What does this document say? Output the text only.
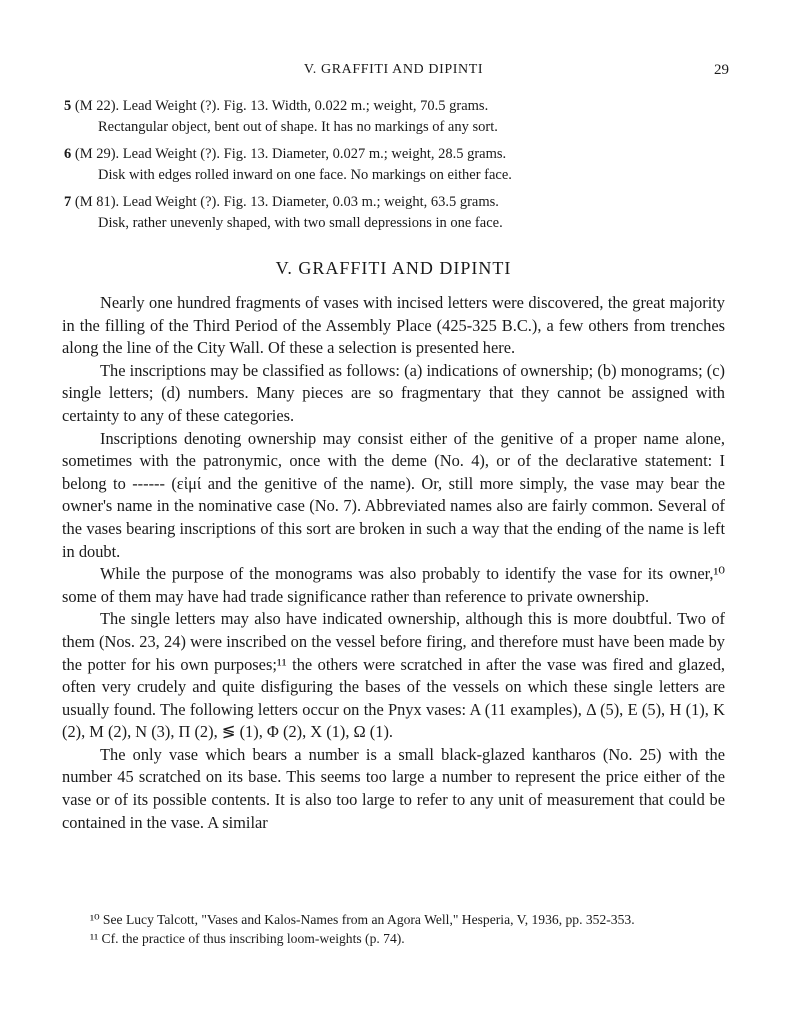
V. GRAFFITI AND DIPINTI	29
5 (M 22). Lead Weight (?). Fig. 13. Width, 0.022 m.; weight, 70.5 grams.
Rectangular object, bent out of shape. It has no markings of any sort.
6 (M 29). Lead Weight (?). Fig. 13. Diameter, 0.027 m.; weight, 28.5 grams.
Disk with edges rolled inward on one face. No markings on either face.
7 (M 81). Lead Weight (?). Fig. 13. Diameter, 0.03 m.; weight, 63.5 grams.
Disk, rather unevenly shaped, with two small depressions in one face.
V. GRAFFITI AND DIPINTI

Nearly one hundred fragments of vases with incised letters were discovered, the great majority in the filling of the Third Period of the Assembly Place (425-325 B.C.), a few others from trenches along the line of the City Wall. Of these a selection is presented here.

The inscriptions may be classified as follows: (a) indications of ownership; (b) monograms; (c) single letters; (d) numbers. Many pieces are so fragmentary that they cannot be assigned with certainty to any of these categories.

Inscriptions denoting ownership may consist either of the genitive of a proper name alone, sometimes with the patronymic, once with the deme (No. 4), or of the declarative statement: I belong to ------ (εἰμί and the genitive of the name). Or, still more simply, the vase may bear the owner's name in the nominative case (No. 7). Abbreviated names also are fairly common. Several of the vases bearing inscriptions of this sort are broken in such a way that the ending of the name is left in doubt.

While the purpose of the monograms was also probably to identify the vase for its owner,¹⁰ some of them may have had trade significance rather than reference to private ownership.

The single letters may also have indicated ownership, although this is more doubtful. Two of them (Nos. 23, 24) were inscribed on the vessel before firing, and therefore must have been made by the potter for his own purposes;¹¹ the others were scratched in after the vase was fired and glazed, often very crudely and quite disfiguring the bases of the vessels on which these single letters are usually found. The following letters occur on the Pnyx vases: A (11 examples), Δ (5), E (5), H (1), K (2), M (2), N (3), Π (2), ≶ (1), Φ (2), X (1), Ω (1).

The only vase which bears a number is a small black-glazed kantharos (No. 25) with the number 45 scratched on its base. This seems too large a number to represent the price either of the vase or of its possible contents. It is also too large to refer to any unit of measurement that could be contained in the vase. A similar

¹⁰ See Lucy Talcott, "Vases and Kalos-Names from an Agora Well," Hesperia, V, 1936, pp. 352-353.

¹¹ Cf. the practice of thus inscribing loom-weights (p. 74).
